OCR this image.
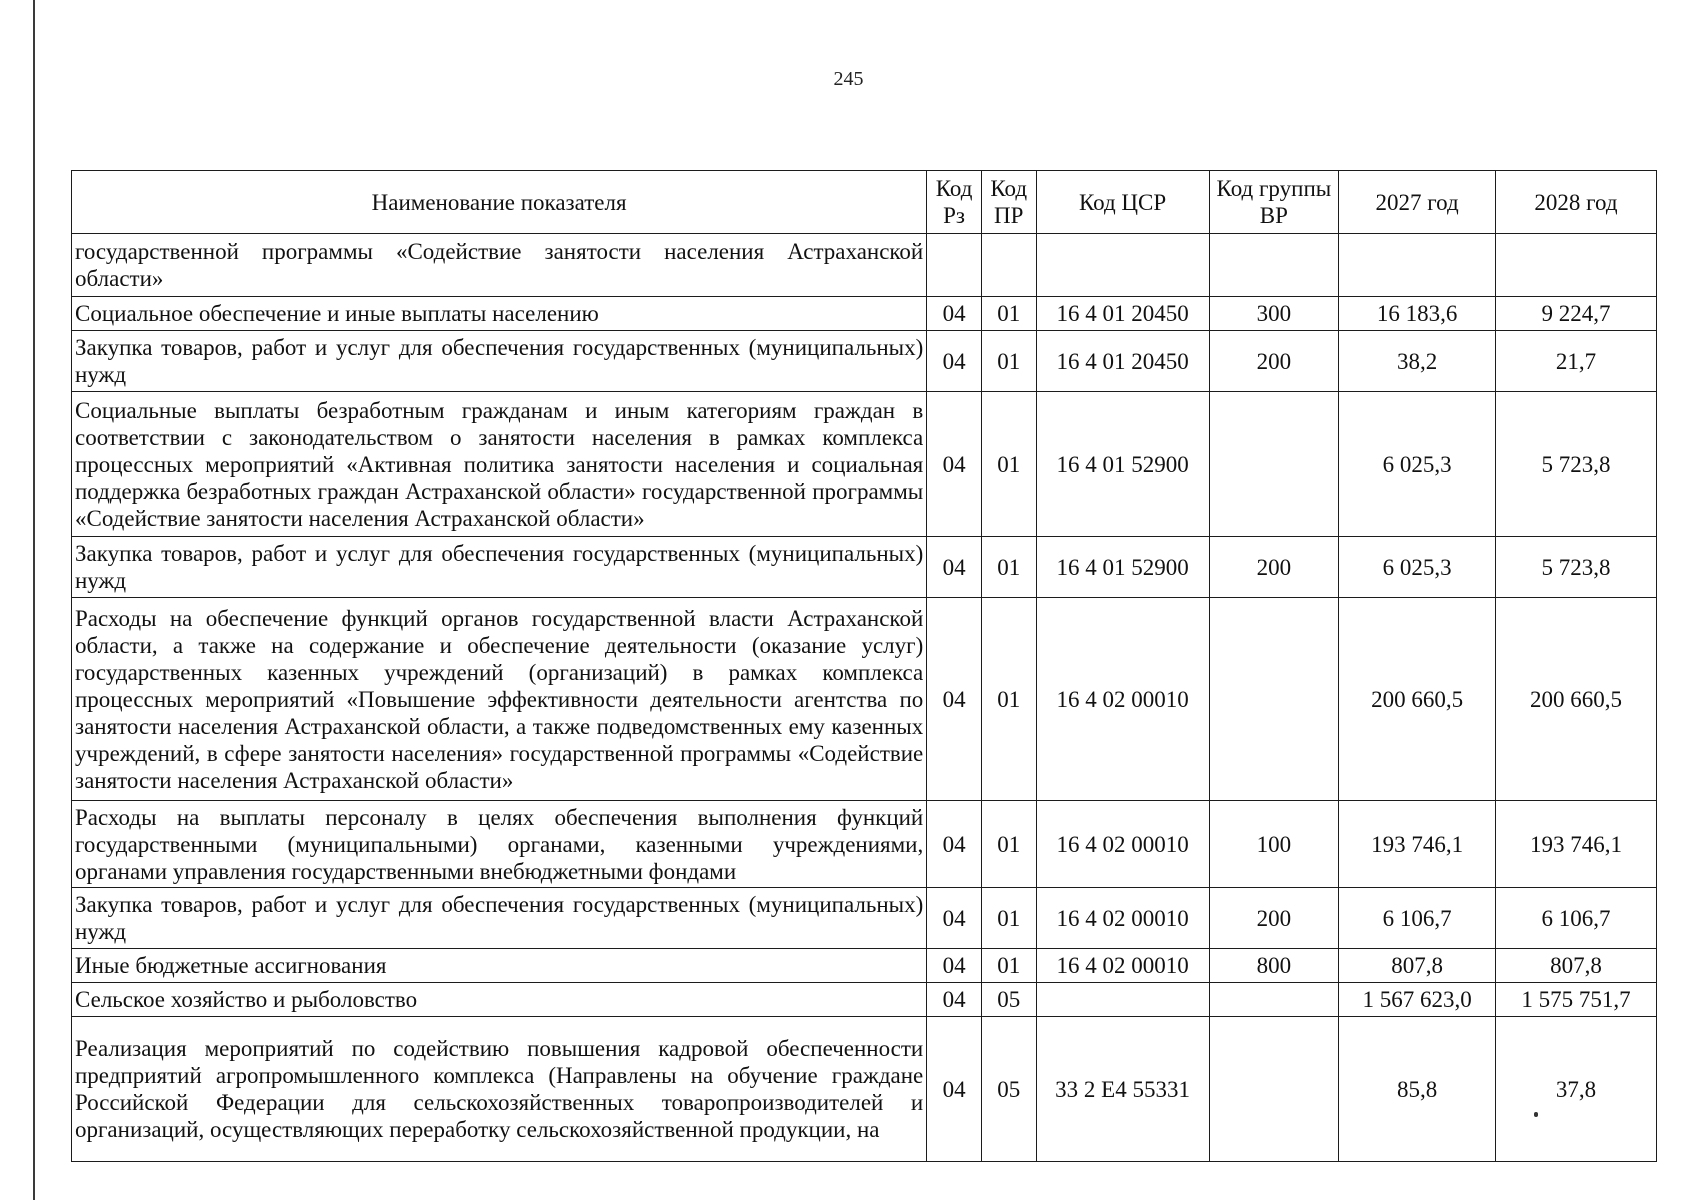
245
Наименование показателя	Код Рз	Код ПР	Код ЦСР	Код группы ВР	2027 год	2028 год
государственной программы «Содействие занятости населения Астраханской области»						
Социальное обеспечение и иные выплаты населению	04	01	16 4 01 20450	300	16 183,6	9 224,7
Закупка товаров, работ и услуг для обеспечения государственных (муниципальных) нужд	04	01	16 4 01 20450	200	38,2	21,7
Социальные выплаты безработным гражданам и иным категориям граждан в соответствии с законодательством о занятости населения в рамках комплекса процессных мероприятий «Активная политика занятости населения и социальная поддержка безработных граждан Астраханской области» государственной программы «Содействие занятости населения Астраханской области»	04	01	16 4 01 52900		6 025,3	5 723,8
Закупка товаров, работ и услуг для обеспечения государственных (муниципальных) нужд	04	01	16 4 01 52900	200	6 025,3	5 723,8
Расходы на обеспечение функций органов государственной власти Астраханской области, а также на содержание и обеспечение деятельности (оказание услуг) государственных казенных учреждений (организаций) в рамках комплекса процессных мероприятий «Повышение эффективности деятельности агентства по занятости населения Астраханской области, а также подведомственных ему казенных учреждений, в сфере занятости населения» государственной программы «Содействие занятости населения Астраханской области»	04	01	16 4 02 00010		200 660,5	200 660,5
Расходы на выплаты персоналу в целях обеспечения выполнения функций государственными (муниципальными) органами, казенными учреждениями, органами управления государственными внебюджетными фондами	04	01	16 4 02 00010	100	193 746,1	193 746,1
Закупка товаров, работ и услуг для обеспечения государственных (муниципальных) нужд	04	01	16 4 02 00010	200	6 106,7	6 106,7
Иные бюджетные ассигнования	04	01	16 4 02 00010	800	807,8	807,8
Сельское хозяйство и рыболовство	04	05			1 567 623,0	1 575 751,7
Реализация мероприятий по содействию повышения кадровой обеспеченности предприятий агропромышленного комплекса (Направлены на обучение граждане Российской Федерации для сельскохозяйственных товаропроизводителей и организаций, осуществляющих переработку сельскохозяйственной продукции, на	04	05	33 2 E4 55331		85,8	37,8
